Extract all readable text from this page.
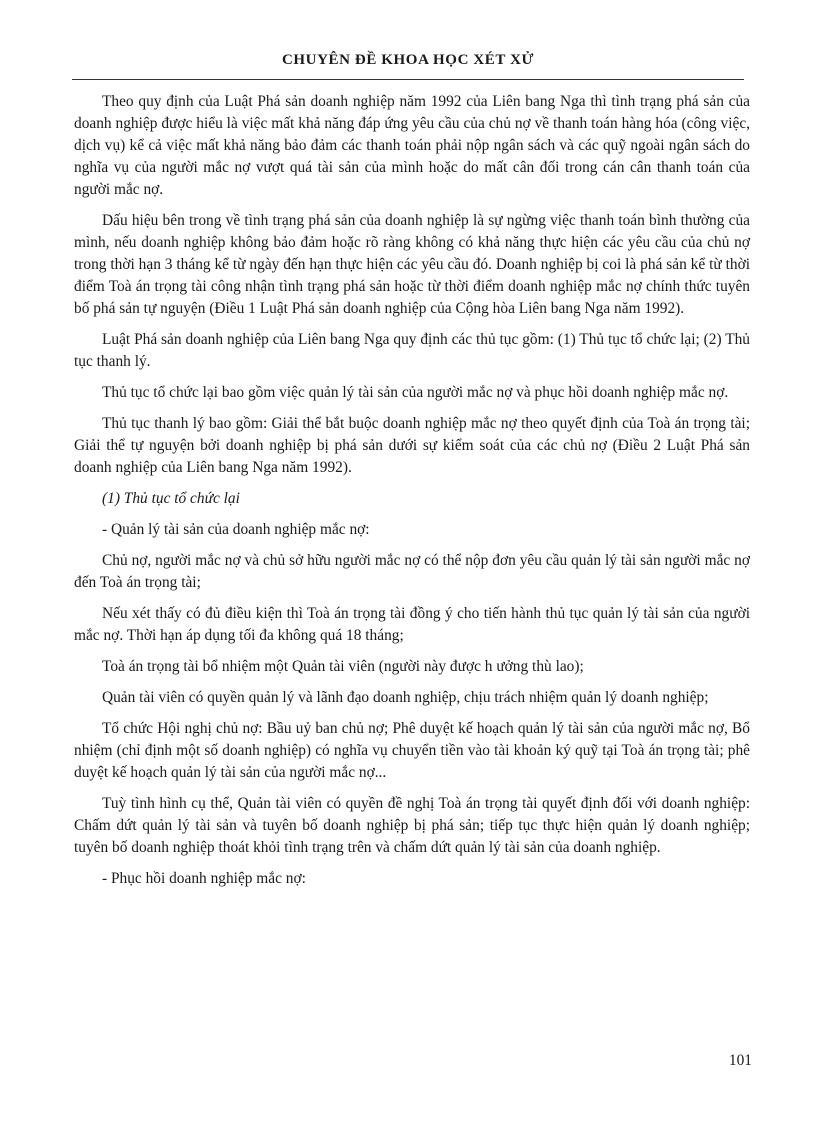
CHUYÊN ĐỀ KHOA HỌC XÉT XỬ

Theo quy định của Luật Phá sản doanh nghiệp năm 1992 của Liên bang Nga thì tình trạng phá sản của doanh nghiệp được hiểu là việc mất khả năng đáp ứng yêu cầu của chủ nợ về thanh toán hàng hóa (công việc, dịch vụ) kể cả việc mất khả năng bảo đảm các thanh toán phải nộp ngân sách và các quỹ ngoài ngân sách do nghĩa vụ của người mắc nợ vượt quá tài sản của mình hoặc do mất cân đối trong cán cân thanh toán của người mắc nợ.

Dấu hiệu bên trong về tình trạng phá sản của doanh nghiệp là sự ngừng việc thanh toán bình thường của mình, nếu doanh nghiệp không bảo đảm hoặc rõ ràng không có khả năng thực hiện các yêu cầu của chủ nợ trong thời hạn 3 tháng kể từ ngày đến hạn thực hiện các yêu cầu đó. Doanh nghiệp bị coi là phá sản kể từ thời điểm Toà án trọng tài công nhận tình trạng phá sản hoặc từ thời điểm doanh nghiệp mắc nợ chính thức tuyên bố phá sản tự nguyện (Điều 1 Luật Phá sản doanh nghiệp của Cộng hòa Liên bang Nga năm 1992).

Luật Phá sản doanh nghiệp của Liên bang Nga quy định các thủ tục gồm: (1) Thủ tục tổ chức lại; (2) Thủ tục thanh lý.

Thủ tục tổ chức lại bao gồm việc quản lý tài sản của người mắc nợ và phục hồi doanh nghiệp mắc nợ.

Thủ tục thanh lý bao gồm: Giải thể bắt buộc doanh nghiệp mắc nợ theo quyết định của Toà án trọng tài; Giải thể tự nguyện bởi doanh nghiệp bị phá sản dưới sự kiểm soát của các chủ nợ (Điều 2 Luật Phá sản doanh nghiệp của Liên bang Nga năm 1992).

(1) Thủ tục tổ chức lại

- Quản lý tài sản của doanh nghiệp mắc nợ:

Chủ nợ, người mắc nợ và chủ sở hữu người mắc nợ có thể nộp đơn yêu cầu quản lý tài sản người mắc nợ đến Toà án trọng tài;

Nếu xét thấy có đủ điều kiện thì Toà án trọng tài đồng ý cho tiến hành thủ tục quản lý tài sản của người mắc nợ. Thời hạn áp dụng tối đa không quá 18 tháng;

Toà án trọng tài bổ nhiệm một Quản tài viên (người này được h ưởng thù lao);

Quản tài viên có quyền quản lý và lãnh đạo doanh nghiệp, chịu trách nhiệm quản lý doanh nghiệp;

Tổ chức Hội nghị chủ nợ: Bầu uỷ ban chủ nợ; Phê duyệt kế hoạch quản lý tài sản của người mắc nợ, Bổ nhiệm (chỉ định một số doanh nghiệp) có nghĩa vụ chuyển tiền vào tài khoản ký quỹ tại Toà án trọng tài; phê duyệt kế hoạch quản lý tài sản của người mắc nợ...

Tuỳ tình hình cụ thể, Quản tài viên có quyền đề nghị Toà án trọng tài quyết định đối với doanh nghiệp: Chấm dứt quản lý tài sản và tuyên bố doanh nghiệp bị phá sản; tiếp tục thực hiện quản lý doanh nghiệp; tuyên bố doanh nghiệp thoát khỏi tình trạng trên và chấm dứt quản lý tài sản của doanh nghiệp.

- Phục hồi doanh nghiệp mắc nợ:

101
